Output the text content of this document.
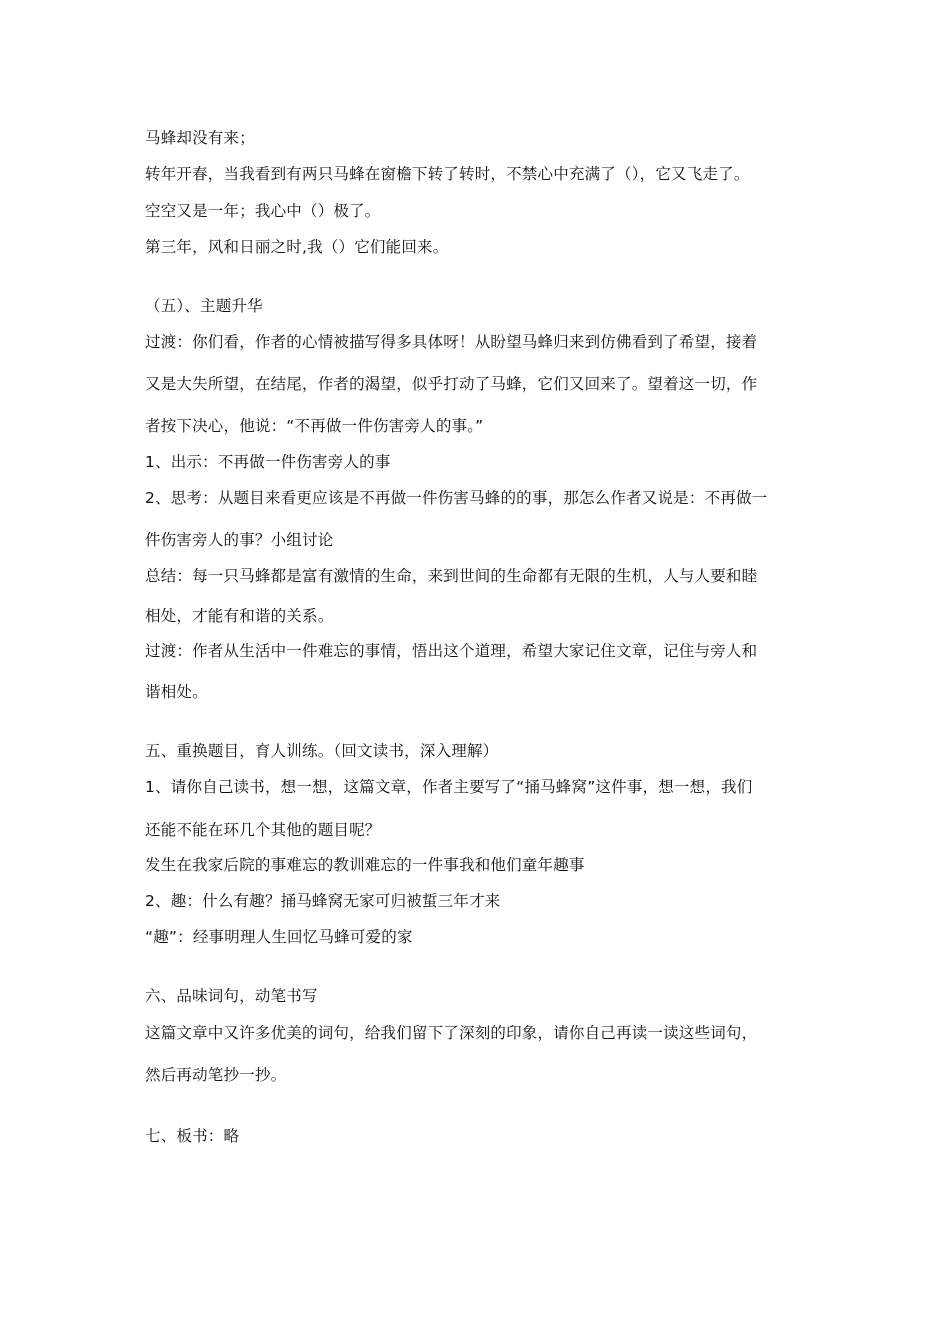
马蜂却没有来；
转年开春，当我看到有两只马蜂在窗檐下转了转时，不禁心中充满了（），它又飞走了。
空空又是一年；我心中（）极了。
第三年，风和日丽之时,我（）它们能回来。
（五）、主题升华
过渡：你们看，作者的心情被描写得多具体呀！从盼望马蜂归来到仿佛看到了希望，接着
又是大失所望，在结尾，作者的渴望，似乎打动了马蜂，它们又回来了。望着这一切，作
者按下决心，他说：“不再做一件伤害旁人的事。”
1、出示：不再做一件伤害旁人的事
2、思考：从题目来看更应该是不再做一件伤害马蜂的的事，那怎么作者又说是：不再做一
件伤害旁人的事？小组讨论
总结：每一只马蜂都是富有激情的生命，来到世间的生命都有无限的生机，人与人要和睦
相处，才能有和谐的关系。
过渡：作者从生活中一件难忘的事情，悟出这个道理，希望大家记住文章，记住与旁人和
谐相处。
五、重换题目，育人训练。（回文读书，深入理解）
1、请你自己读书，想一想，这篇文章，作者主要写了“捅马蜂窝”这件事，想一想，我们
还能不能在环几个其他的题目呢？
发生在我家后院的事难忘的教训难忘的一件事我和他们童年趣事
2、趣：什么有趣？捅马蜂窝无家可归被蜇三年才来
“趣”：经事明理人生回忆马蜂可爱的家
六、品味词句，动笔书写
这篇文章中又许多优美的词句，给我们留下了深刻的印象，请你自己再读一读这些词句，
然后再动笔抄一抄。
七、板书：略
